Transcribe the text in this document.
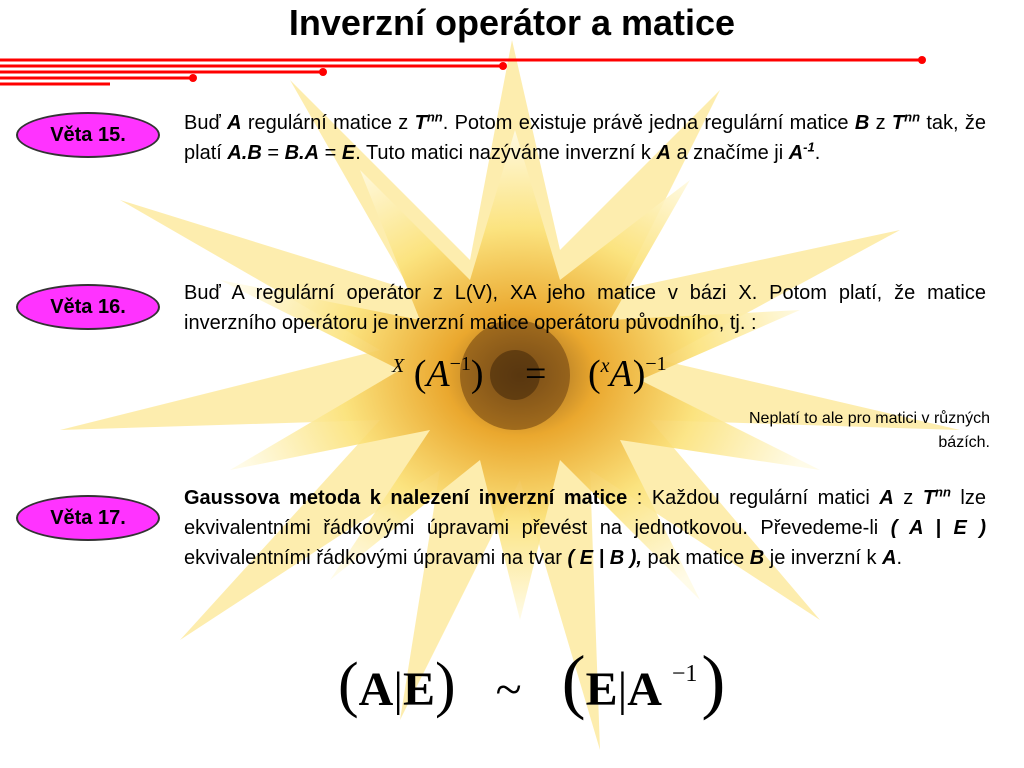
Inverzní operátor a matice
Věta 15.
Buď A regulární matice z $T^{nn}$. Potom existuje právě jedna regulární matice B z $T^{nn}$ tak, že platí A.B = B.A = E. Tuto matici nazýváme inverzní k A a značíme ji $A^{-1}$.
Věta 16.
Buď A regulární operátor z L(V), XA jeho matice v bázi X. Potom platí, že matice inverzního operátoru je inverzní matice operátoru původního, tj. :
$^X$ $(A^{-1}) = (^xA)^{-1}$
Neplatí to ale pro matici v různých bázích.
Věta 17.
Gaussova metoda k nalezení inverzní matice : Každou regulární matici A z $T^{nn}$ lze ekvivalentními řádkovými úpravami převést na jednotkovou. Převedeme-li ( A | E ) ekvivalentními řádkovými úpravami na tvar ( E | B ), pak matice B je inverzní k A.
(A|E) ~ (E|A $^{-1}$)
